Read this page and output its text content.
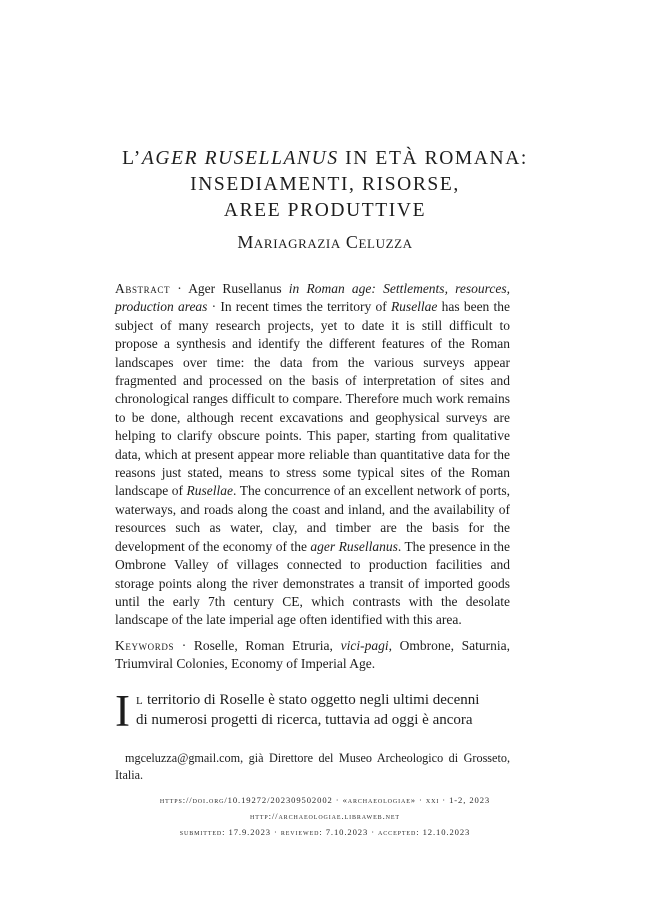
L’AGER RUSELLANUS IN ETÀ ROMANA:
INSEDIAMENTI, RISORSE,
AREE PRODUTTIVE
Mariagrazia Celuzza

Abstract · Ager Rusellanus in Roman age: Settlements, resources, production areas · In recent times the territory of Rusellae has been the subject of many research projects, yet to date it is still difficult to propose a synthesis and identify the different features of the Roman landscapes over time: the data from the various surveys appear fragmented and processed on the basis of interpretation of sites and chronological ranges difficult to compare. Therefore much work remains to be done, although recent excavations and geophysical surveys are helping to clarify obscure points. This paper, starting from qualitative data, which at present appear more reliable than quantitative data for the reasons just stated, means to stress some typical sites of the Roman landscape of Rusellae. The concurrence of an excellent network of ports, waterways, and roads along the coast and inland, and the availability of resources such as water, clay, and timber are the basis for the development of the economy of the ager Rusellanus. The presence in the Ombrone Valley of villages connected to production facilities and storage points along the river demonstrates a transit of imported goods until the early 7th century CE, which contrasts with the desolate landscape of the late imperial age often identified with this area.

Keywords · Roselle, Roman Etruria, vici-pagi, Ombrone, Saturnia, Triumviral Colonies, Economy of Imperial Age.

I l territorio di Roselle è stato oggetto negli ultimi decenni
di numerosi progetti di ricerca, tuttavia ad oggi è ancora

mgceluzza@gmail.com, già Direttore del Museo Archeologico di Grosseto, Italia.

https://doi.org/10.19272/202309502002 · «archaeologiae» · xxi · 1-2, 2023
http://archaeologiae.libraweb.net
submitted: 17.9.2023 · reviewed: 7.10.2023 · accepted: 12.10.2023
